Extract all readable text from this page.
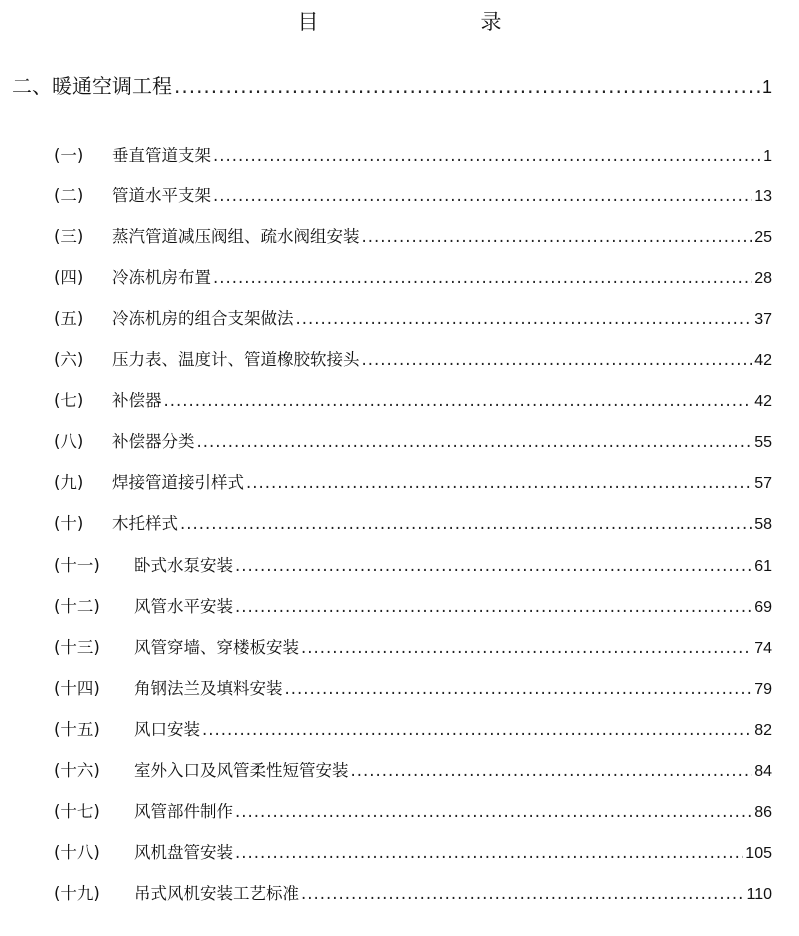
目　　录
二、暖通空调工程 .....	1
(一)	垂直管道支架 .....	1
(二)	管道水平支架 .....	13
(三)	蒸汽管道减压阀组、疏水阀组安装 .....	25
(四)	冷冻机房布置 .....	28
(五)	冷冻机房的组合支架做法 .....	37
(六)	压力表、温度计、管道橡胶软接头 .....	42
(七)	补偿器 .....	42
(八)	补偿器分类 .....	55
(九)	焊接管道接引样式 .....	57
(十)	木托样式 .....	58
(十一)	卧式水泵安装 .....	61
(十二)	风管水平安装 .....	69
(十三)	风管穿墙、穿楼板安装 .....	74
(十四)	角钢法兰及填料安装 .....	79
(十五)	风口安装 .....	82
(十六)	室外入口及风管柔性短管安装 .....	84
(十七)	风管部件制作 .....	86
(十八)	风机盘管安装 .....	105
(十九)	吊式风机安装工艺标准 .....	110
